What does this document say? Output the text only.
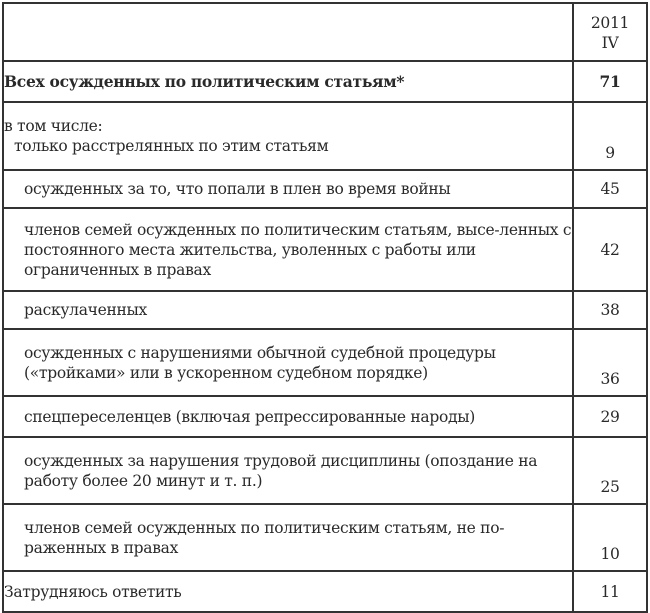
	2011
IV

Всех осужденных по политическим статьям*	71

в том числе:
только расстрелянных по этим статьям	9
осужденных за то, что попали в плен во время войны	45
членов семей осужденных по политическим статьям, высе-ленных с постоянного места жительства, уволенных с работы или ограниченных в правах	42
раскулаченных	38
осужденных с нарушениями обычной судебной процедуры («тройками» или в ускоренном судебном порядке)	36
спецпереселенцев (включая репрессированные народы)	29
осужденных за нарушения трудовой дисциплины (опоздание на работу более 20 минут и т. п.)	25
членов семей осужденных по политическим статьям, не по-раженных в правах	10
Затрудняюсь ответить	11
